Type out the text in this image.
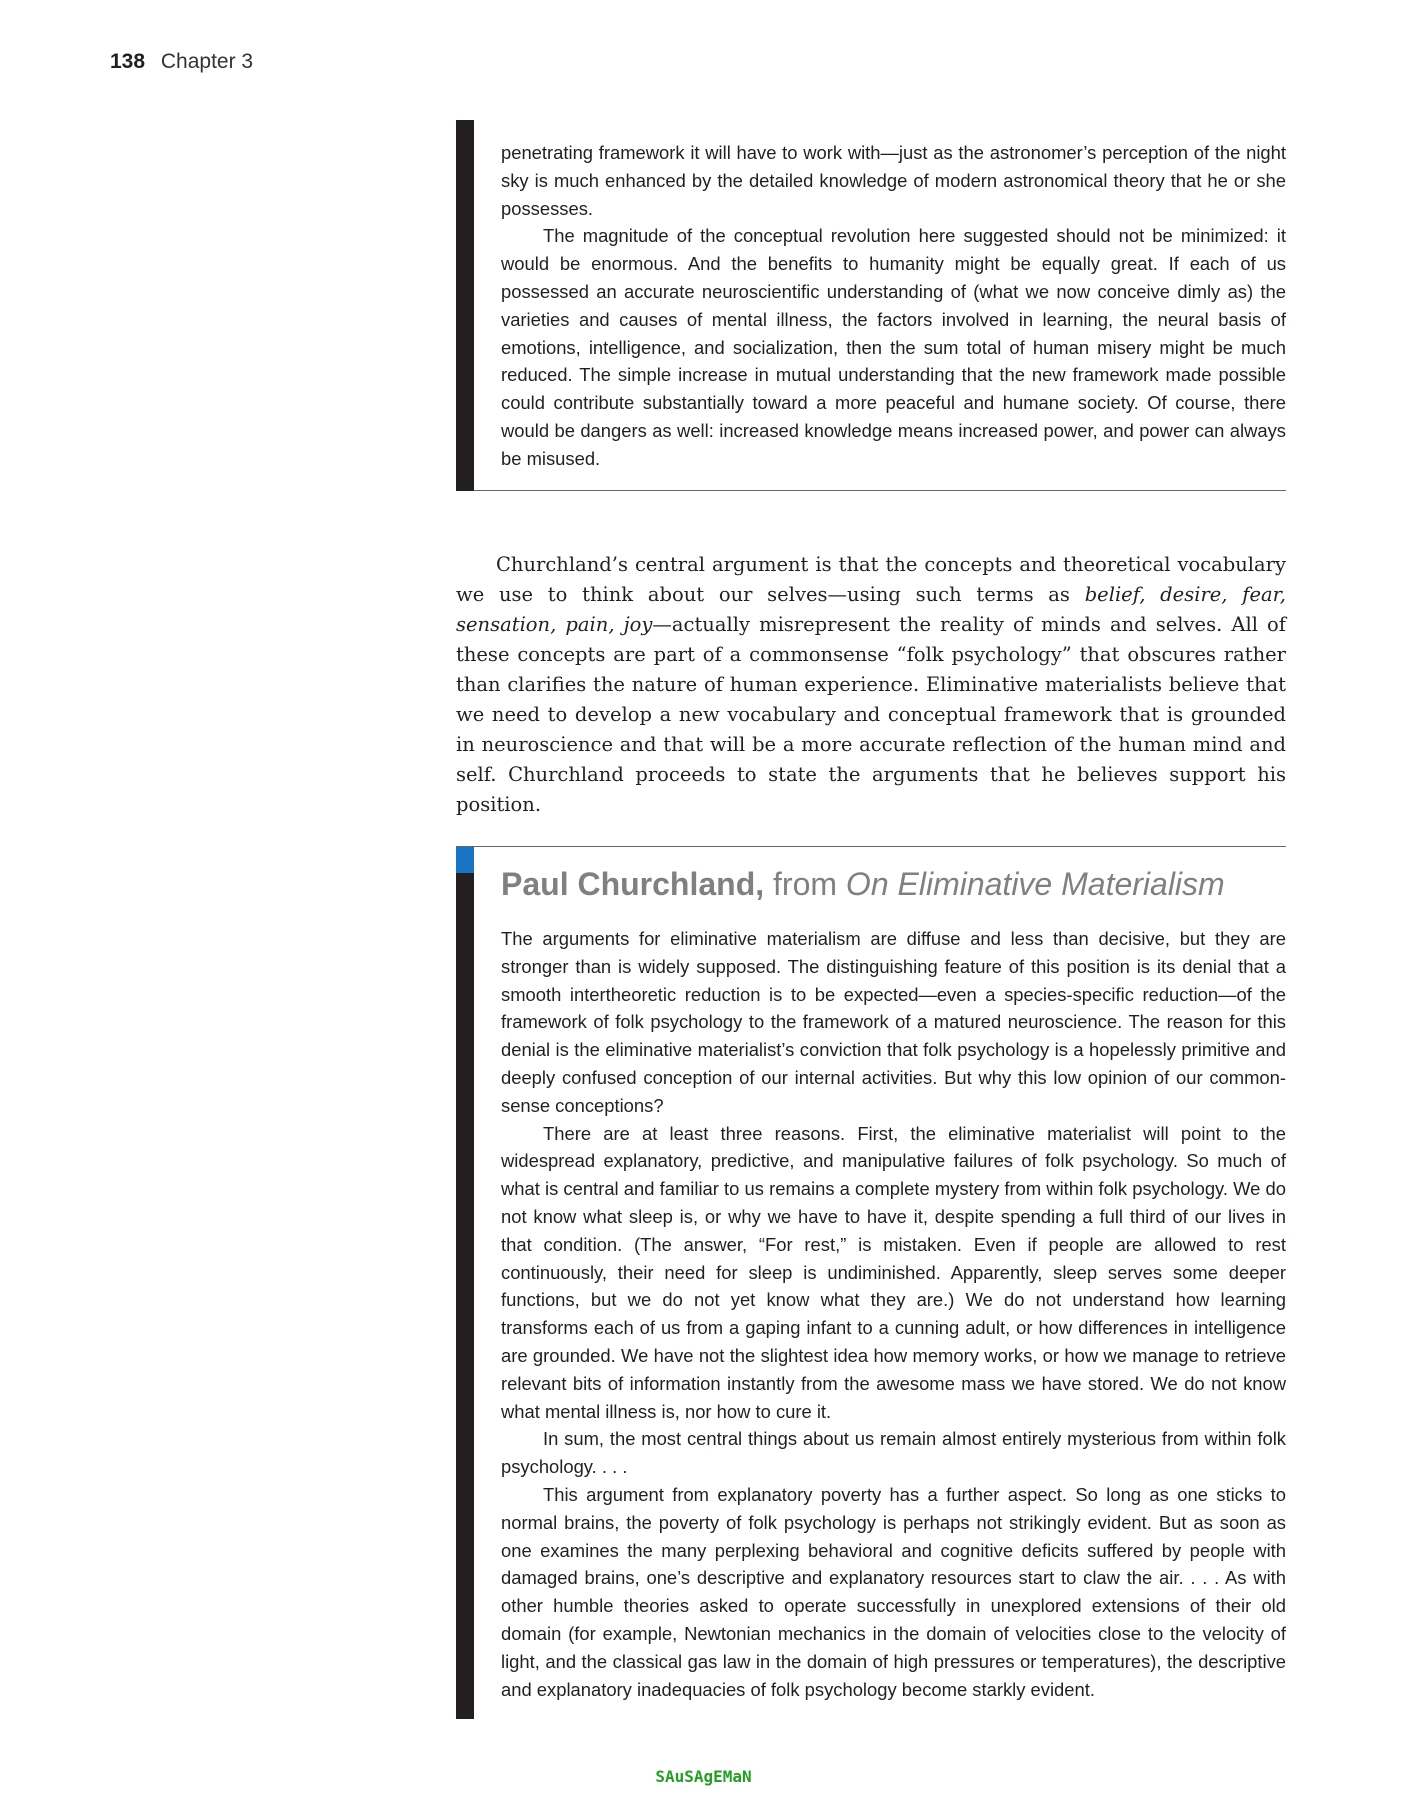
138 Chapter 3

penetrating framework it will have to work with—just as the astronomer’s perception of the night sky is much enhanced by the detailed knowledge of modern astronomical theory that he or she possesses.

The magnitude of the conceptual revolution here suggested should not be minimized: it would be enormous. And the benefits to humanity might be equally great. If each of us possessed an accurate neuroscientific understanding of (what we now conceive dimly as) the varieties and causes of mental illness, the factors involved in learning, the neural basis of emotions, intelligence, and socialization, then the sum total of human misery might be much reduced. The simple increase in mutual understanding that the new framework made possible could contribute substantially toward a more peaceful and humane society. Of course, there would be dangers as well: increased knowledge means increased power, and power can always be misused.

Churchland’s central argument is that the concepts and theoretical vocabulary we use to think about our selves—using such terms as belief, desire, fear, sensation, pain, joy—actually misrepresent the reality of minds and selves. All of these concepts are part of a commonsense “folk psychology” that obscures rather than clarifies the nature of human experience. Eliminative materialists believe that we need to develop a new vocabulary and conceptual framework that is grounded in neuroscience and that will be a more accurate reflection of the human mind and self. Churchland proceeds to state the arguments that he believes support his position.

Paul Churchland, from On Eliminative Materialism

The arguments for eliminative materialism are diffuse and less than decisive, but they are stronger than is widely supposed. The distinguishing feature of this position is its denial that a smooth intertheoretic reduction is to be expected—even a species-specific reduction—of the framework of folk psychology to the framework of a matured neuroscience. The reason for this denial is the eliminative materialist’s conviction that folk psychology is a hopelessly primitive and deeply confused conception of our internal activities. But why this low opinion of our common-sense conceptions?

There are at least three reasons. First, the eliminative materialist will point to the widespread explanatory, predictive, and manipulative failures of folk psychology. So much of what is central and familiar to us remains a complete mystery from within folk psychology. We do not know what sleep is, or why we have to have it, despite spending a full third of our lives in that condition. (The answer, “For rest,” is mistaken. Even if people are allowed to rest continuously, their need for sleep is undiminished. Apparently, sleep serves some deeper functions, but we do not yet know what they are.) We do not understand how learning transforms each of us from a gaping infant to a cunning adult, or how differences in intelligence are grounded. We have not the slightest idea how memory works, or how we manage to retrieve relevant bits of information instantly from the awesome mass we have stored. We do not know what mental illness is, nor how to cure it.

In sum, the most central things about us remain almost entirely mysterious from within folk psychology. . . .

This argument from explanatory poverty has a further aspect. So long as one sticks to normal brains, the poverty of folk psychology is perhaps not strikingly evident. But as soon as one examines the many perplexing behavioral and cognitive deficits suffered by people with damaged brains, one’s descriptive and explanatory resources start to claw the air. . . . As with other humble theories asked to operate successfully in unexplored extensions of their old domain (for example, Newtonian mechanics in the domain of velocities close to the velocity of light, and the classical gas law in the domain of high pressures or temperatures), the descriptive and explanatory inadequacies of folk psychology become starkly evident.

SAuSAgEMaN
